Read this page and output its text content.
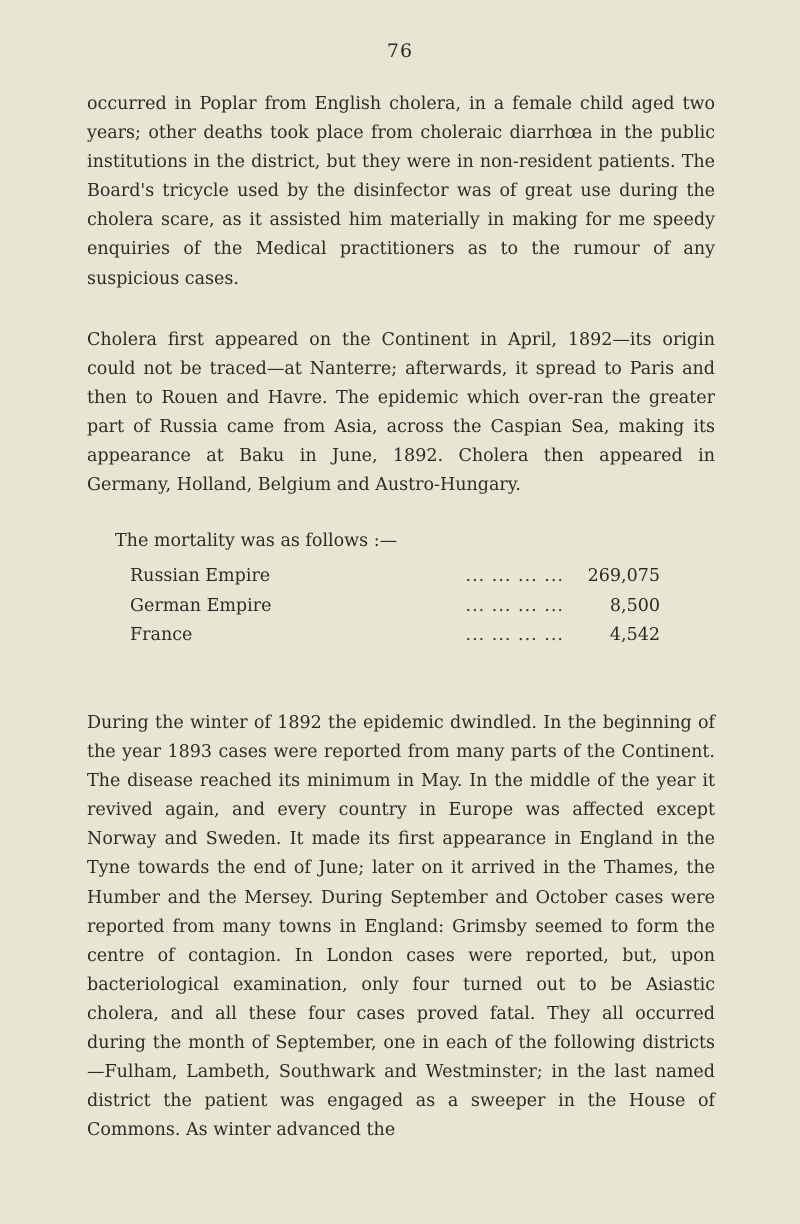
76

occurred in Poplar from English cholera, in a female child aged two years; other deaths took place from choleraic diarrhœa in the public institutions in the district, but they were in non-resident patients. The Board's tricycle used by the disinfector was of great use during the cholera scare, as it assisted him materially in making for me speedy enquiries of the Medical practitioners as to the rumour of any suspicious cases.

Cholera first appeared on the Continent in April, 1892—its origin could not be traced—at Nanterre; afterwards, it spread to Paris and then to Rouen and Havre. The epidemic which over-ran the greater part of Russia came from Asia, across the Caspian Sea, making its appearance at Baku in June, 1892. Cholera then appeared in Germany, Holland, Belgium and Austro-Hungary.

The mortality was as follows :—
Russian Empire	... ... ... ...	269,075
German Empire	... ... ... ...	8,500
France	... ... ... ...	4,542

During the winter of 1892 the epidemic dwindled. In the beginning of the year 1893 cases were reported from many parts of the Continent. The disease reached its minimum in May. In the middle of the year it revived again, and every country in Europe was affected except Norway and Sweden. It made its first appearance in England in the Tyne towards the end of June; later on it arrived in the Thames, the Humber and the Mersey. During September and October cases were reported from many towns in England: Grimsby seemed to form the centre of contagion. In London cases were reported, but, upon bacteriological examination, only four turned out to be Asiastic cholera, and all these four cases proved fatal. They all occurred during the month of September, one in each of the following districts—Fulham, Lambeth, Southwark and Westminster; in the last named district the patient was engaged as a sweeper in the House of Commons. As winter advanced the
